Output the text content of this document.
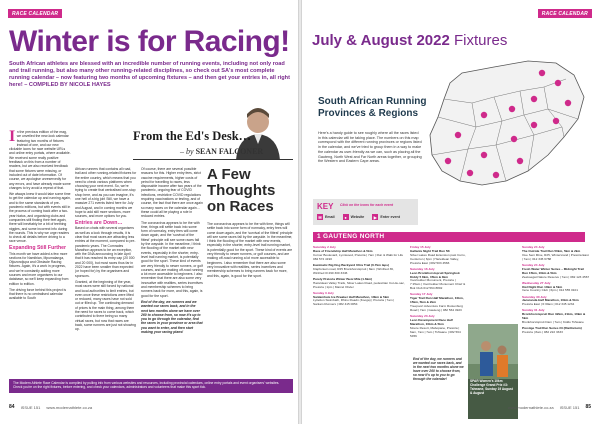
RACE CALENDAR
Winter is for Racing!
South African athletes are blessed with an incredible number of running events, including not only road and trail running, but also many other running-related disciplines, so check out SA's most complete running calendar – now featuring two months of upcoming fixtures – and then get your entries in, all right here! – COMPILED BY NICOLE HAYES
From the Ed's Desk…
– by SEAN FALCONER

In the previous edition of the mag, we unveiled the new-look calendar featuring two months of fixtures instead of one, and our new clickable icons for race website URLs and online entry portals, where available. We received some really positive feedback on this from a number of readers, but we also received feedback that some fixtures were missing, or included out of date information. Of course, we apologise unreservedly for any errors, and have already made some changes to try avoid a repeat of that.

We always knew it would take some time to get the calendar up and running again, and to the same standards of pre-pandemic editions, but with events still in the process of coming back after a two-year hiatus, and organising clubs and companies still finding their feet again, there will inevitably be a bit of teething niggles, and some incorrect info during the rounds. This is why we urge readers to check all details before driving to a race venue.

Expanding Still Further

This month we have added a few more sections for Namibian, Mpumalanga, Otjozondjupa and Obstacle Racing fixtures. Again, it's a work in progress, and we're constantly adding more sources and more organisers to our database, so we'll keep expanding from edition to edition.

The driving force behind this project is that there is no centralised calendar available to South

African runners that contains all road, trail and other running-related fixtures for the entire country, which means that you need to check various platforms when choosing your next event. So, we're trying to create that centralised one-stop shop here, and as you can imagine, it's one hell of a big job! Still, we have a massive 271 events listed here for July and August, and in coming months we hope to add still more sections, more sources, and more options for you.

Entries are Down…

Based on chats with several organisers as well as a look through results, it is clear that most races are attracting less entries at the moment, compared to pre-pandemic years. The Comrades Marathon appears to be an exception, with the DNA announcing in late April that it has reached its entry cap (20 000 and 20 000), but most races thus far in 2022 have been smaller than expected (or hoped for) by the organisers and sponsors.

Granted, at the beginning of the year, most races were still forced by national and local authorities to limit entries, but even once these restrictions were lifted or reduced, many races have not sold out or filled up. The continuing demand of prices is the main thing, among them the need for races to come back, which contributed to there being so many virtual races, but now that races are back, some runners are just not showing up.

Of course, there are several possible reasons for this. Higher entry fees, strict vaccine requirements, higher costs of petrol for travelling to races, less disposable income after two years of the pandemic, ongoing fear of COVID infections, restrictive COVID regulations requiring vaccinations or testing, and of course, the fact that there are once again so many races on the calendar again… these could all be playing a role in reduced entries.

The coronavirus appears to be the with time, things will settle back into some form of normalcy, entry fees will come down again, and the 'survival of the fittest' principle will see some races fall by the wayside. In the meantime, I think the flooding of the market with new events, especially in the shorter, entry-level trail running market, is potentially good for the sport. These kind of events are very friendly to newer runners, or golf courses, and are making off-road running a lot more accessible to beginners. I also remember that there are also some very innovative with realities, series incentives and membership schemes to bring runners back for more, and this, again, is good for the sport.

End of the day, we runners and we wanted our races back, and in the next two months alone we have over 260 to choose from, so now it's up to you to go through the calendar, find the races in your province or area that you want to enter, and then start making your racing plans!

A Few Thoughts on Races

The coronavirus appears to be the with time, things will settle back into some form of normalcy, entry fees will come down again, and the 'survival of the fittest' principle will see some races fall by the wayside. In the meantime, I think the flooding of the market with new events, especially in the shorter, entry-level trail running market, is potentially good for the sport. These kind of events are very friendly to newer runners, or golf courses, and are making off-road running a lot more accessible to beginners. I also remember that there are also some very innovative with realities, series incentives and membership schemes to bring runners back for more, and this, again, is good for the sport.

The Modern Athlete Race Calendar is compiled by pulling info from various websites and resources, including provincial calendars, online entry portals and event organisers' websites. Check you're on the right fixtures, before entering, and check your calendars, administrators and volunteers that make this sport tick.
84 ISSUE 151 www.modernathlete.co.za
RACE CALENDAR
July & August 2022 Fixtures
South African Running Provinces & Regions
Here's a handy guide to see roughly where all the races listed in this calendar will be taking place. The numbers on this map correspond with the different running provinces or regions listed in the calendar, and we've tried to group them in a way to make the calendar as user-friendly as we can, such as placing all the Gauteng, North West and Far North areas together, or grouping the Western and Eastern Cape areas.
KEY Click on the icons for each event
✉ Email	●	Website	▶ Enter event
1 GAUTENG NORTH
Saturday 2 July
Race of Friendship Half Marathon & 5km
Corner Boulevard, Lynnwood, Pretoria | 7am | Run & Walk for Life 082 572 4190
Eastmatic Big Dog Backyard Ultra Trail (6.7km laps)
Klapfontein road, R25 Bronkhorstspruit | 8am | Winfried 36, Winfried 0l 290 300 3346
Purely Pretoria Winter Buzz Mile (1.6km)
Hazeldean Valley Trails, Silver Lakes Road, pedestrian Cul-de-sac, Pretoria | 1pm | Marcel Olivier
Sunday 3 July
Sanlamhuis Ice Breaker Half Marathon, 10km & 5km
Lyttelton Swimbath, Rhino Roadn (Kooga) | Pretoria | 7am | Sanlam Runners | 082 415 0054
Friday 15 July
Gallants Night Trail Run 5K
Silver Lakes Road Extension past Curro, Centurion | 6pm | Hazeldean Valley, Pretoria East | 082 503 4566
Saturday 16 July
Leon Bronkhorstspruit Springbok Kiddy 5 8km, 15km & 3km
Voortrekker Monument, Pretoria | 7:15am | Voortrekker Monument Chief & Bok Club 012 564 8802
Sunday 17 July
Tiger Trail Run Half Marathon, 10km, 15km, 5km & 2km
Treepoort Adventure Farm Rustenburg Road | 7am | Gauteng | 082 564 4923
Saturday 23 July
Leon Development Race Half Marathon, 10km & 5km
Moore Resort, Mabopane, Pretoria | 6am, 7am | 7am | Tshwane | 082 564 5456
End of the day, we runners and we wanted our races back, and in the next two months alone we have over 260 to choose from, so now it's up to you to go through the calendar!	SPAR Women's 10km Challenge Grand Prix #3: Tshwane, Sunday 19 August & August
Sunday 24 July
The Outride Trail Run 50km, 5km & 2km
Oue Seni Mine, R25, Wintersrand | Pretoria East | 7am | 012 345 6788
Sunday 24 July
Fresh Water Winter Series – Midnight Trail Run 15km, 10km & 5km
Zeekoegat Nature Reserve | 7am | 082 123 4567
Wednesday 27 July
Owl Night Run 10km & 5km
Irene Country Club | 6pm | 012 555 0101
Saturday 30 July
Jacaranda Half Marathon, 10km & 5km
Pretoria East | 6:30am | 012 345 1234
Sunday 31 July
Bronkhorstspruit Run 32km, 21km, 10km & 5km
Bronkhorstspruit Dam | 7am | Kiddo Tshwane
Prestige Trail Run Series #3 (Rietfontein)
Pretoria | 8am | 082 222 3333
www.modernathlete.co.za ISSUE 151 85
